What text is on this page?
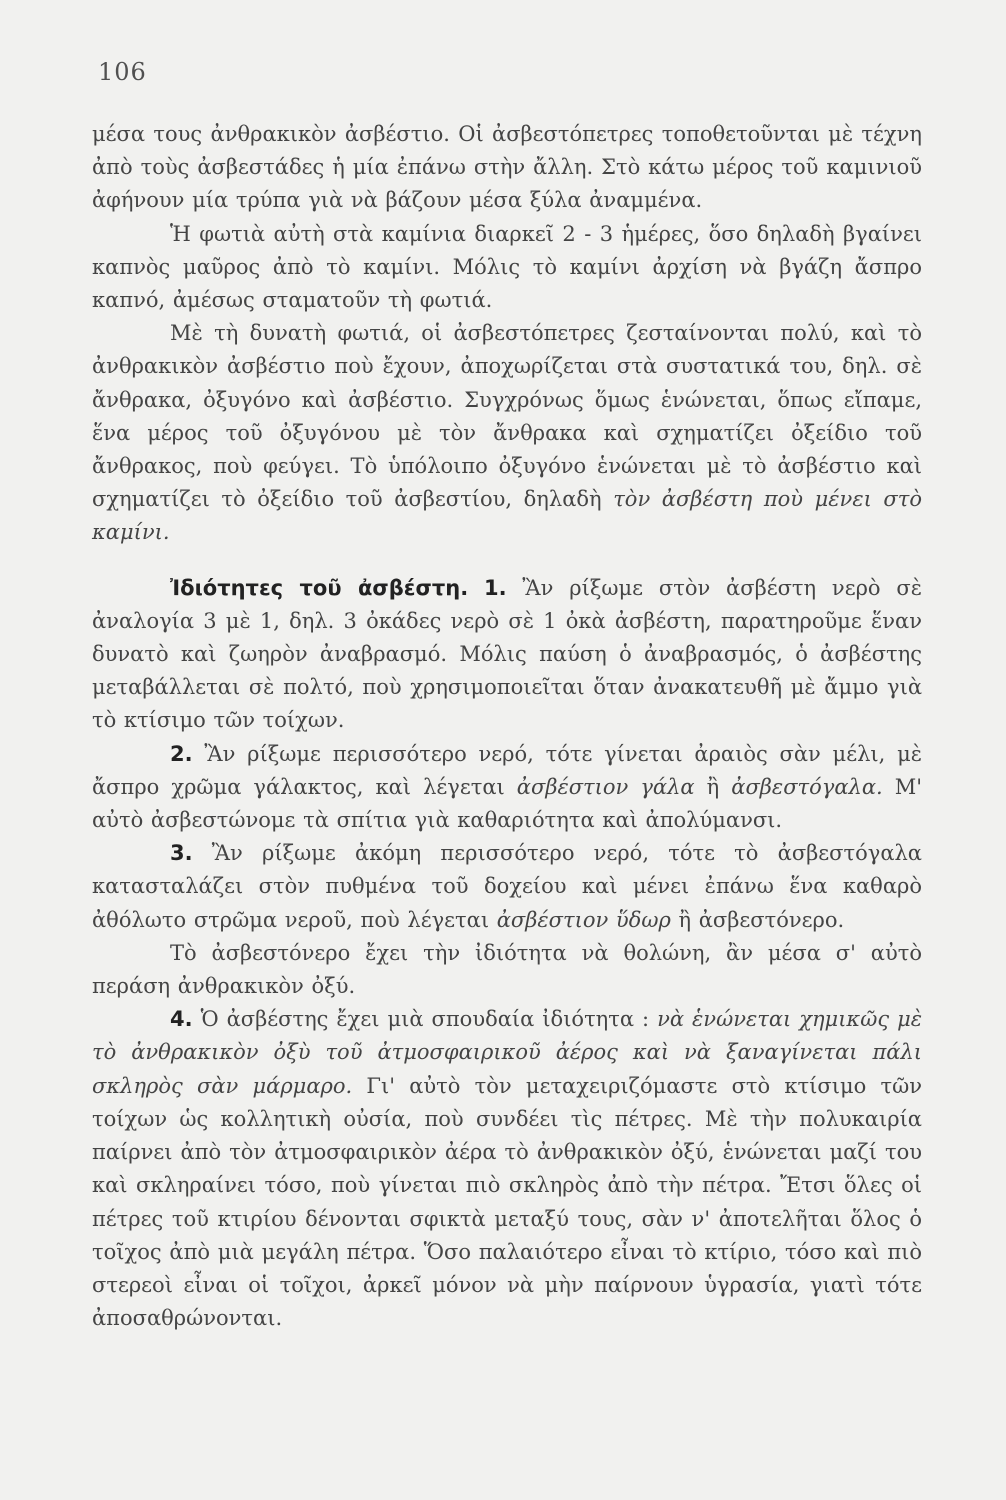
106

μέσα τους ἀνθρακικὸν ἀσβέστιο. Οἱ ἀσβεστόπετρες τοποθετοῦνται μὲ τέχνη ἀπὸ τοὺς ἀσβεστάδες ἡ μία ἐπάνω στὴν ἄλλη. Στὸ κάτω μέρος τοῦ καμινιοῦ ἀφήνουν μία τρύπα γιὰ νὰ βάζουν μέσα ξύλα ἀναμμένα.

Ἡ φωτιὰ αὐτὴ στὰ καμίνια διαρκεῖ 2 - 3 ἡμέρες, ὅσο δηλαδὴ βγαίνει καπνὸς μαῦρος ἀπὸ τὸ καμίνι. Μόλις τὸ καμίνι ἀρχίση νὰ βγάζη ἄσπρο καπνό, ἀμέσως σταματοῦν τὴ φωτιά.

Μὲ τὴ δυνατὴ φωτιά, οἱ ἀσβεστόπετρες ζεσταίνονται πολύ, καὶ τὸ ἀνθρακικὸν ἀσβέστιο ποὺ ἔχουν, ἀποχωρίζεται στὰ συστατικά του, δηλ. σὲ ἄνθρακα, ὀξυγόνο καὶ ἀσβέστιο. Συγχρόνως ὅμως ἑνώνεται, ὅπως εἴπαμε, ἕνα μέρος τοῦ ὀξυγόνου μὲ τὸν ἄνθρακα καὶ σχηματίζει ὀξείδιο τοῦ ἄνθρακος, ποὺ φεύγει. Τὸ ὑπόλοιπο ὀξυγόνο ἑνώνεται μὲ τὸ ἀσβέστιο καὶ σχηματίζει τὸ ὀξείδιο τοῦ ἀσβεστίου, δηλαδὴ τὸν ἀσβέστη ποὺ μένει στὸ καμίνι.

Ἰδιότητες τοῦ ἀσβέστη. 1. Ἂν ρίξωμε στὸν ἀσβέστη νερὸ σὲ ἀναλογία 3 μὲ 1, δηλ. 3 ὀκάδες νερὸ σὲ 1 ὀκὰ ἀσβέστη, παρατηροῦμε ἕναν δυνατὸ καὶ ζωηρὸν ἀναβρασμό. Μόλις παύση ὁ ἀναβρασμός, ὁ ἀσβέστης μεταβάλλεται σὲ πολτό, ποὺ χρησιμοποιεῖται ὅταν ἀνακατευθῆ μὲ ἄμμο γιὰ τὸ κτίσιμο τῶν τοίχων.

2. Ἂν ρίξωμε περισσότερο νερό, τότε γίνεται ἀραιὸς σὰν μέλι, μὲ ἄσπρο χρῶμα γάλακτος, καὶ λέγεται ἀσβέστιον γάλα ἢ ἀσβεστόγαλα. Μ' αὐτὸ ἀσβεστώνομε τὰ σπίτια γιὰ καθαριότητα καὶ ἀπολύμανσι.

3. Ἂν ρίξωμε ἀκόμη περισσότερο νερό, τότε τὸ ἀσβεστόγαλα κατασταλάζει στὸν πυθμένα τοῦ δοχείου καὶ μένει ἐπάνω ἕνα καθαρὸ ἀθόλωτο στρῶμα νεροῦ, ποὺ λέγεται ἀσβέστιον ὕδωρ ἢ ἀσβεστόνερο.

Τὸ ἀσβεστόνερο ἔχει τὴν ἰδιότητα νὰ θολώνη, ἂν μέσα σ' αὐτὸ περάση ἀνθρακικὸν ὀξύ.

4. Ὁ ἀσβέστης ἔχει μιὰ σπουδαία ἰδιότητα : νὰ ἑνώνεται χημικῶς μὲ τὸ ἀνθρακικὸν ὀξὺ τοῦ ἀτμοσφαιρικοῦ ἀέρος καὶ νὰ ξαναγίνεται πάλι σκληρὸς σὰν μάρμαρο. Γι' αὐτὸ τὸν μεταχειριζόμαστε στὸ κτίσιμο τῶν τοίχων ὡς κολλητικὴ οὐσία, ποὺ συνδέει τὶς πέτρες. Μὲ τὴν πολυκαιρία παίρνει ἀπὸ τὸν ἀτμοσφαιρικὸν ἀέρα τὸ ἀνθρακικὸν ὀξύ, ἑνώνεται μαζί του καὶ σκληραίνει τόσο, ποὺ γίνεται πιὸ σκληρὸς ἀπὸ τὴν πέτρα. Ἔτσι ὅλες οἱ πέτρες τοῦ κτιρίου δένονται σφικτὰ μεταξύ τους, σὰν ν' ἀποτελῆται ὅλος ὁ τοῖχος ἀπὸ μιὰ μεγάλη πέτρα. Ὅσο παλαιότερο εἶναι τὸ κτίριο, τόσο καὶ πιὸ στερεοὶ εἶναι οἱ τοῖχοι, ἀρκεῖ μόνον νὰ μὴν παίρνουν ὑγρασία, γιατὶ τότε ἀποσαθρώνονται.
